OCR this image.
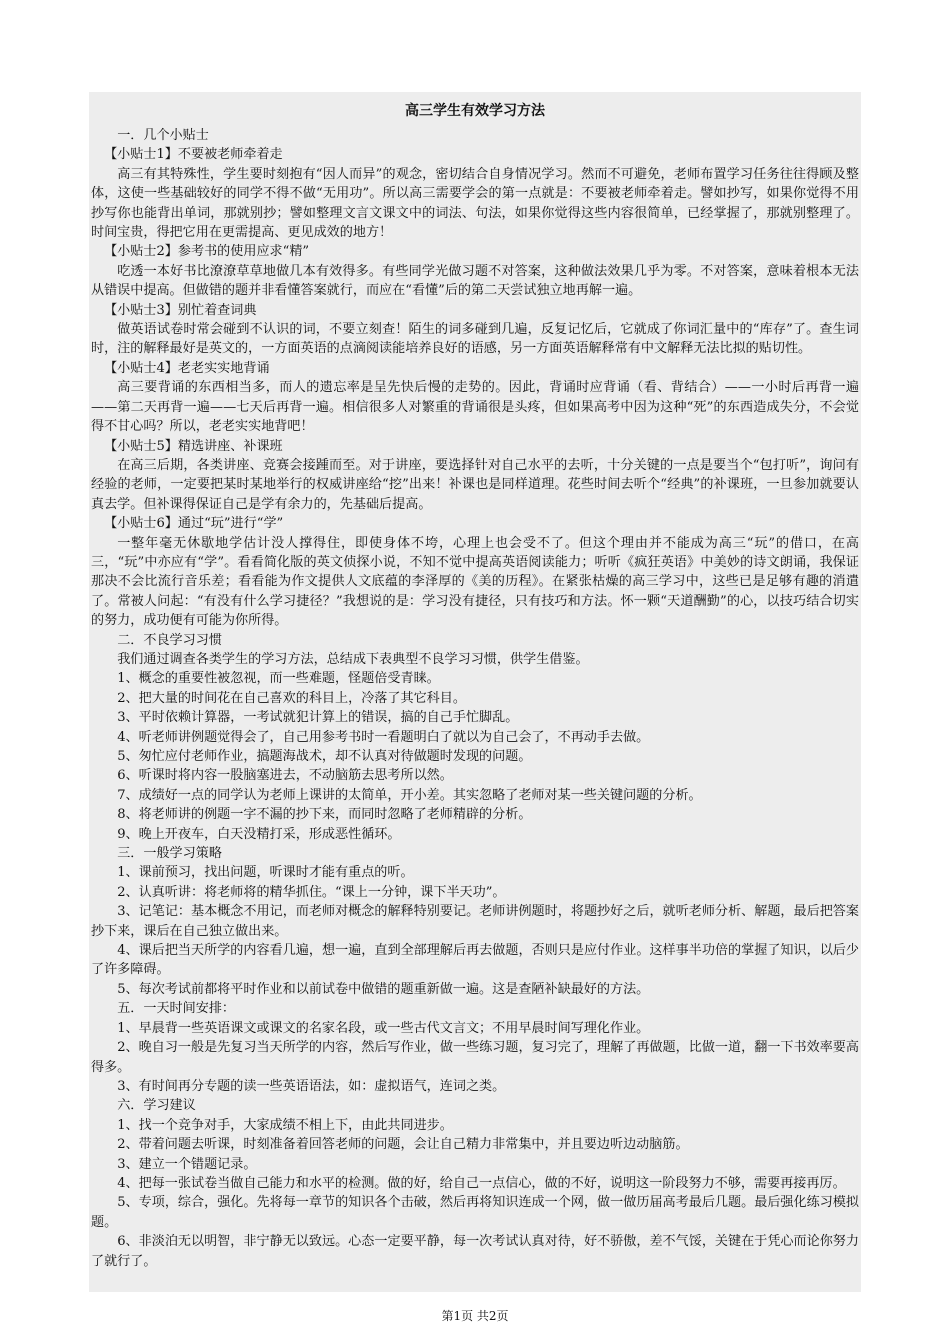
高三学生有效学习方法

一．几个小贴士

【小贴士1】不要被老师牵着走

高三有其特殊性，学生要时刻抱有“因人而异”的观念，密切结合自身情况学习。然而不可避免，老师布置学习任务往往得顾及整体，这使一些基础较好的同学不得不做“无用功”。所以高三需要学会的第一点就是：不要被老师牵着走。譬如抄写，如果你觉得不用抄写你也能背出单词，那就别抄；譬如整理文言文课文中的词法、句法，如果你觉得这些内容很简单，已经掌握了，那就别整理了。时间宝贵，得把它用在更需提高、更见成效的地方！

【小贴士2】参考书的使用应求“精”

吃透一本好书比潦潦草草地做几本有效得多。有些同学光做习题不对答案，这种做法效果几乎为零。不对答案，意味着根本无法从错误中提高。但做错的题并非看懂答案就行，而应在“看懂”后的第二天尝试独立地再解一遍。

【小贴士3】别忙着查词典

做英语试卷时常会碰到不认识的词，不要立刻查！陌生的词多碰到几遍，反复记忆后，它就成了你词汇量中的“库存”了。查生词时，注的解释最好是英文的，一方面英语的点滴阅读能培养良好的语感，另一方面英语解释常有中文解释无法比拟的贴切性。

【小贴士4】老老实实地背诵

高三要背诵的东西相当多，而人的遗忘率是呈先快后慢的走势的。因此，背诵时应背诵（看、背结合）——一小时后再背一遍——第二天再背一遍——七天后再背一遍。相信很多人对繁重的背诵很是头疼，但如果高考中因为这种“死”的东西造成失分，不会觉得不甘心吗？所以，老老实实地背吧！

【小贴士5】精选讲座、补课班

在高三后期，各类讲座、竞赛会接踵而至。对于讲座，要选择针对自己水平的去听，十分关键的一点是要当个“包打听”，询问有经验的老师，一定要把某时某地举行的权威讲座给“挖”出来！补课也是同样道理。花些时间去听个“经典”的补课班，一旦参加就要认真去学。但补课得保证自己是学有余力的，先基础后提高。

【小贴士6】通过“玩”进行“学”

一整年毫无休歇地学估计没人撑得住，即使身体不垮，心理上也会受不了。但这个理由并不能成为高三“玩”的借口，在高三，“玩”中亦应有“学”。看看简化版的英文侦探小说，不知不觉中提高英语阅读能力；听听《疯狂英语》中美妙的诗文朗诵，我保证那决不会比流行音乐差；看看能为作文提供人文底蕴的李泽厚的《美的历程》。在紧张枯燥的高三学习中，这些已是足够有趣的消遣了。常被人问起：“有没有什么学习捷径？”我想说的是：学习没有捷径，只有技巧和方法。怀一颗“天道酬勤”的心，以技巧结合切实的努力，成功便有可能为你所得。

二．不良学习习惯

我们通过调查各类学生的学习方法，总结成下表典型不良学习习惯，供学生借鉴。

1、概念的重要性被忽视，而一些难题，怪题倍受青睐。

2、把大量的时间花在自己喜欢的科目上，冷落了其它科目。

3、平时依赖计算器，一考试就犯计算上的错误，搞的自己手忙脚乱。

4、听老师讲例题觉得会了，自己用参考书时一看题明白了就以为自己会了，不再动手去做。

5、匆忙应付老师作业，搞题海战术，却不认真对待做题时发现的问题。

6、听课时将内容一股脑塞进去，不动脑筋去思考所以然。

7、成绩好一点的同学认为老师上课讲的太简单，开小差。其实忽略了老师对某一些关键问题的分析。

8、将老师讲的例题一字不漏的抄下来，而同时忽略了老师精辟的分析。

9、晚上开夜车，白天没精打采，形成恶性循环。

三．一般学习策略

1、课前预习，找出问题，听课时才能有重点的听。

2、认真听讲：将老师将的精华抓住。“课上一分钟，课下半天功”。

3、记笔记：基本概念不用记，而老师对概念的解释特别要记。老师讲例题时，将题抄好之后，就听老师分析、解题，最后把答案抄下来，课后在自己独立做出来。

4、课后把当天所学的内容看几遍，想一遍，直到全部理解后再去做题，否则只是应付作业。这样事半功倍的掌握了知识，以后少了许多障碍。

5、每次考试前都将平时作业和以前试卷中做错的题重新做一遍。这是查陋补缺最好的方法。

五．一天时间安排：

1、早晨背一些英语课文或课文的名家名段，或一些古代文言文；不用早晨时间写理化作业。

2、晚自习一般是先复习当天所学的内容，然后写作业，做一些练习题，复习完了，理解了再做题，比做一道，翻一下书效率要高得多。

3、有时间再分专题的读一些英语语法，如：虚拟语气，连词之类。

六．学习建议

1、找一个竞争对手，大家成绩不相上下，由此共同进步。

2、带着问题去听课，时刻准备着回答老师的问题，会让自己精力非常集中，并且要边听边动脑筋。

3、建立一个错题记录。

4、把每一张试卷当做自己能力和水平的检测。做的好，给自己一点信心，做的不好，说明这一阶段努力不够，需要再接再厉。

5、专项，综合，强化。先将每一章节的知识各个击破，然后再将知识连成一个网，做一做历届高考最后几题。最后强化练习模拟题。

6、非淡泊无以明智，非宁静无以致远。心态一定要平静，每一次考试认真对待，好不骄傲，差不气馁，关键在于凭心而论你努力了就行了。

第1页 共2页
